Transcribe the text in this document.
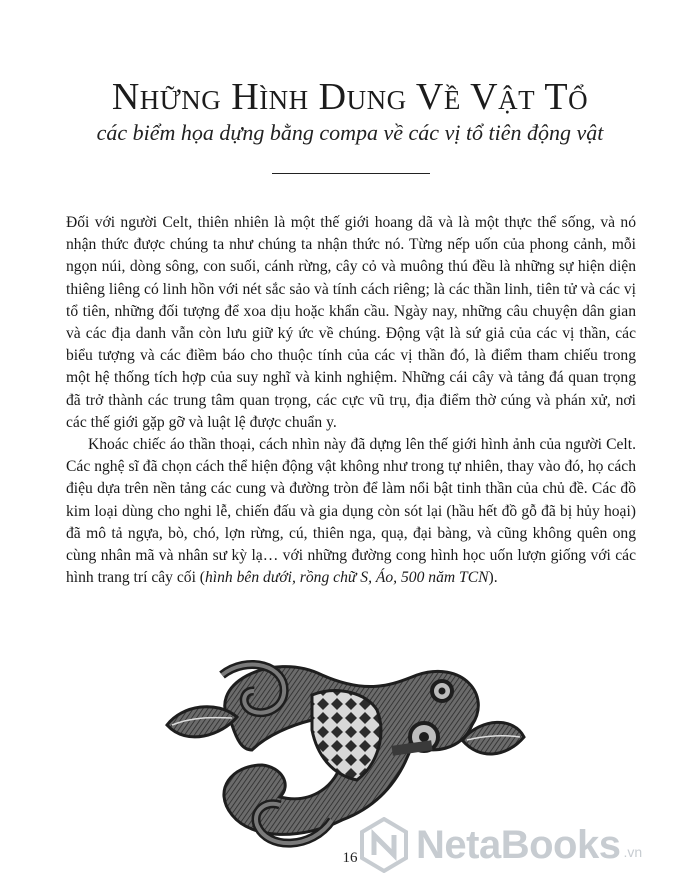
Những Hình Dung Về Vật Tổ
các biểm họa dựng bằng compa về các vị tổ tiên động vật

Đối với người Celt, thiên nhiên là một thế giới hoang dã và là một thực thể sống, và nó nhận thức được chúng ta như chúng ta nhận thức nó. Từng nếp uốn của phong cảnh, mỗi ngọn núi, dòng sông, con suối, cánh rừng, cây cỏ và muông thú đều là những sự hiện diện thiêng liêng có linh hồn với nét sắc sảo và tính cách riêng; là các thần linh, tiên tử và các vị tổ tiên, những đối tượng để xoa dịu hoặc khẩn cầu. Ngày nay, những câu chuyện dân gian và các địa danh vẫn còn lưu giữ ký ức về chúng. Động vật là sứ giả của các vị thần, các biểu tượng và các điềm báo cho thuộc tính của các vị thần đó, là điểm tham chiếu trong một hệ thống tích hợp của suy nghĩ và kinh nghiệm. Những cái cây và tảng đá quan trọng đã trở thành các trung tâm quan trọng, các cực vũ trụ, địa điểm thờ cúng và phán xử, nơi các thế giới gặp gỡ và luật lệ được chuẩn y.

Khoác chiếc áo thần thoại, cách nhìn này đã dựng lên thế giới hình ảnh của người Celt. Các nghệ sĩ đã chọn cách thể hiện động vật không như trong tự nhiên, thay vào đó, họ cách điệu dựa trên nền tảng các cung và đường tròn để làm nổi bật tinh thần của chủ đề. Các đồ kim loại dùng cho nghi lễ, chiến đấu và gia dụng còn sót lại (hầu hết đồ gỗ đã bị hủy hoại) đã mô tả ngựa, bò, chó, lợn rừng, cú, thiên nga, quạ, đại bàng, và cũng không quên ong cùng nhân mã và nhân sư kỳ lạ… với những đường cong hình học uốn lượn giống với các hình trang trí cây cối (hình bên dưới, rồng chữ S, Áo, 500 năm TCN).

16	NetaBooks .vn
